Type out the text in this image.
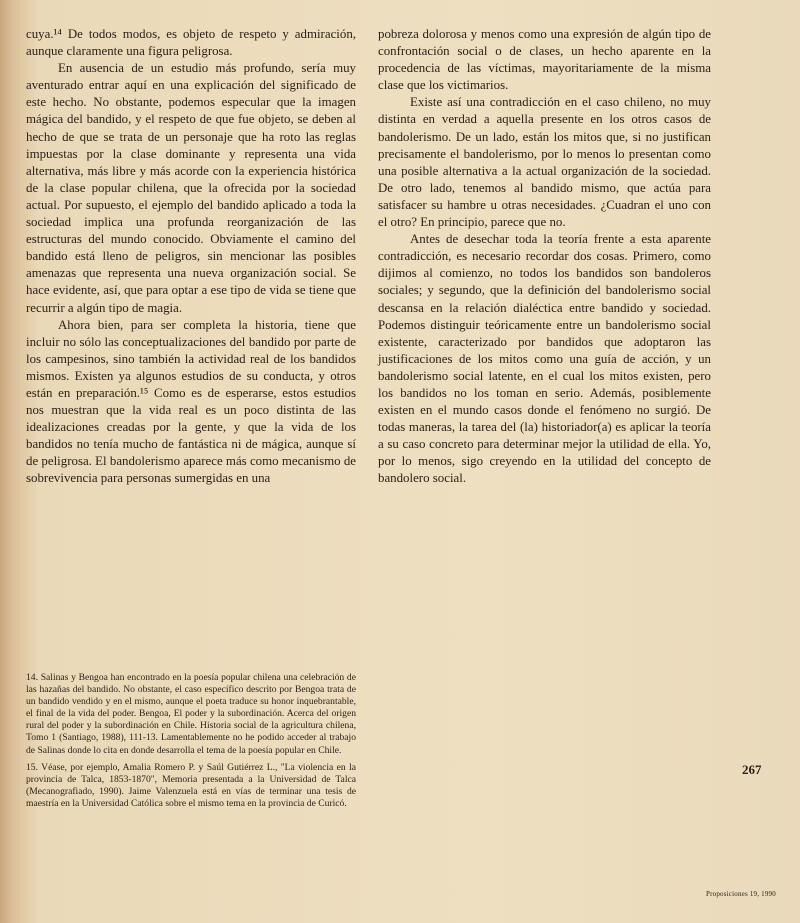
cuya.¹⁴ De todos modos, es objeto de respeto y admiración, aunque claramente una figura peligrosa.

En ausencia de un estudio más profundo, sería muy aventurado entrar aquí en una explicación del significado de este hecho. No obstante, podemos especular que la imagen mágica del bandido, y el respeto de que fue objeto, se deben al hecho de que se trata de un personaje que ha roto las reglas impuestas por la clase dominante y representa una vida alternativa, más libre y más acorde con la experiencia histórica de la clase popular chilena, que la ofrecida por la sociedad actual. Por supuesto, el ejemplo del bandido aplicado a toda la sociedad implica una profunda reorganización de las estructuras del mundo conocido. Obviamente el camino del bandido está lleno de peligros, sin mencionar las posibles amenazas que representa una nueva organización social. Se hace evidente, así, que para optar a ese tipo de vida se tiene que recurrir a algún tipo de magia.

Ahora bien, para ser completa la historia, tiene que incluir no sólo las conceptualizaciones del bandido por parte de los campesinos, sino también la actividad real de los bandidos mismos. Existen ya algunos estudios de su conducta, y otros están en preparación.¹⁵ Como es de esperarse, estos estudios nos muestran que la vida real es un poco distinta de las idealizaciones creadas por la gente, y que la vida de los bandidos no tenía mucho de fantástica ni de mágica, aunque sí de peligrosa. El bandolerismo aparece más como mecanismo de sobrevivencia para personas sumergidas en una

pobreza dolorosa y menos como una expresión de algún tipo de confrontación social o de clases, un hecho aparente en la procedencia de las víctimas, mayoritariamente de la misma clase que los victimarios.

Existe así una contradicción en el caso chileno, no muy distinta en verdad a aquella presente en los otros casos de bandolerismo. De un lado, están los mitos que, si no justifican precisamente el bandolerismo, por lo menos lo presentan como una posible alternativa a la actual organización de la sociedad. De otro lado, tenemos al bandido mismo, que actúa para satisfacer su hambre u otras necesidades. ¿Cuadran el uno con el otro? En principio, parece que no.

Antes de desechar toda la teoría frente a esta aparente contradicción, es necesario recordar dos cosas. Primero, como dijimos al comienzo, no todos los bandidos son bandoleros sociales; y segundo, que la definición del bandolerismo social descansa en la relación dialéctica entre bandido y sociedad. Podemos distinguir teóricamente entre un bandolerismo social existente, caracterizado por bandidos que adoptaron las justificaciones de los mitos como una guía de acción, y un bandolerismo social latente, en el cual los mitos existen, pero los bandidos no los toman en serio. Además, posiblemente existen en el mundo casos donde el fenómeno no surgió. De todas maneras, la tarea del (la) historiador(a) es aplicar la teoría a su caso concreto para determinar mejor la utilidad de ella. Yo, por lo menos, sigo creyendo en la utilidad del concepto de bandolero social.

14. Salinas y Bengoa han encontrado en la poesía popular chilena una celebración de las hazañas del bandido. No obstante, el caso específico descrito por Bengoa trata de un bandido vendido y en el mismo, aunque el poeta traduce su honor inquebrantable, el final de la vida del poder. Bengoa, El poder y la subordinación. Acerca del origen rural del poder y la subordinación en Chile. Historia social de la agricultura chilena, Tomo 1 (Santiago, 1988), 111-13. Lamentablemente no he podido acceder al trabajo de Salinas donde lo cita en donde desarrolla el tema de la poesía popular en Chile.

15. Véase, por ejemplo, Amalia Romero P. y Saúl Gutiérrez L., "La violencia en la provincia de Talca, 1853-1870", Memoria presentada a la Universidad de Talca (Mecanografiado, 1990). Jaime Valenzuela está en vías de terminar una tesis de maestría en la Universidad Católica sobre el mismo tema en la provincia de Curicó.

267
Proposiciones 19, 1990
